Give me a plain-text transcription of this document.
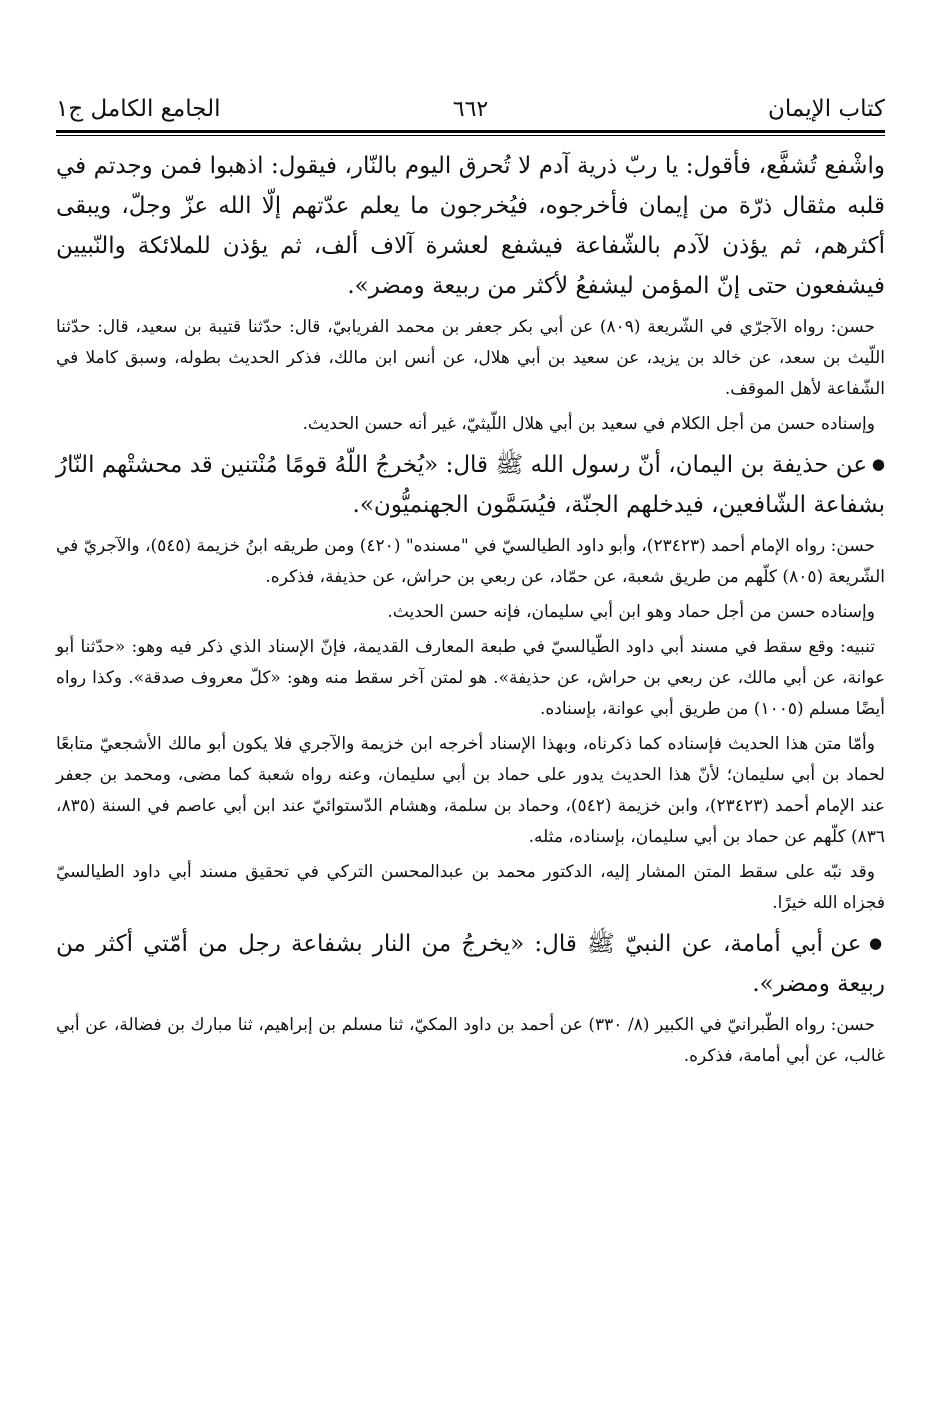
كتاب الإيمان
٦٦٢
الجامع الكامل ج١

واشْفع تُشفَّع، فأقول: يا ربّ ذرية آدم لا تُحرق اليوم بالنّار، فيقول: اذهبوا فمن وجدتم في قلبه مثقال ذرّة من إيمان فأخرجوه، فيُخرجون ما يعلم عدّتهم إلّا الله عزّ وجلّ، ويبقى أكثرهم، ثم يؤذن لآدم بالشّفاعة فيشفع لعشرة آلاف ألف، ثم يؤذن للملائكة والنّبيين فيشفعون حتى إنّ المؤمن ليشفعُ لأكثر من ربيعة ومضر».

حسن: رواه الآجرّي في الشّريعة (٨٠٩) عن أبي بكر جعفر بن محمد الفريابيّ، قال: حدّثنا قتيبة بن سعيد، قال: حدّثنا اللّيث بن سعد، عن خالد بن يزيد، عن سعيد بن أبي هلال، عن أنس ابن مالك، فذكر الحديث بطوله، وسبق كاملا في الشّفاعة لأهل الموقف.

وإسناده حسن من أجل الكلام في سعيد بن أبي هلال اللّيثيّ، غير أنه حسن الحديث.

● عن حذيفة بن اليمان، أنّ رسول الله ﷺ قال: «يُخرجُ اللّهُ قومًا مُنْتنين قد محشتْهم النّارُ بشفاعة الشّافعين، فيدخلهم الجنّة، فيُسَمَّون الجهنميُّون».

حسن: رواه الإمام أحمد (٢٣٤٢٣)، وأبو داود الطيالسيّ في "مسنده" (٤٢٠) ومن طريقه ابنُ خزيمة (٥٤٥)، والآجريّ في الشّريعة (٨٠٥) كلّهم من طريق شعبة، عن حمّاد، عن ربعي بن حراش، عن حذيفة، فذكره.

وإسناده حسن من أجل حماد وهو ابن أبي سليمان، فإنه حسن الحديث.

تنبيه: وقع سقط في مسند أبي داود الطّيالسيّ في طبعة المعارف القديمة، فإنّ الإسناد الذي ذكر فيه وهو: «حدّثنا أبو عوانة، عن أبي مالك، عن ربعي بن حراش، عن حذيفة». هو لمتن آخر سقط منه وهو: «كلّ معروف صدقة». وكذا رواه أيضًا مسلم (١٠٠٥) من طريق أبي عوانة، بإسناده.

وأمّا متن هذا الحديث فإسناده كما ذكرناه، وبهذا الإسناد أخرجه ابن خزيمة والآجري فلا يكون أبو مالك الأشجعيّ متابعًا لحماد بن أبي سليمان؛ لأنّ هذا الحديث يدور على حماد بن أبي سليمان، وعنه رواه شعبة كما مضى، ومحمد بن جعفر عند الإمام أحمد (٢٣٤٢٣)، وابن خزيمة (٥٤٢)، وحماد بن سلمة، وهشام الدّستوائيّ عند ابن أبي عاصم في السنة (٨٣٥، ٨٣٦) كلّهم عن حماد بن أبي سليمان، بإسناده، مثله.

وقد نبّه على سقط المتن المشار إليه، الدكتور محمد بن عبدالمحسن التركي في تحقيق مسند أبي داود الطيالسيّ فجزاه الله خيرًا.

● عن أبي أمامة، عن النبيّ ﷺ قال: «يخرجُ من النار بشفاعة رجل من أمّتي أكثر من ربيعة ومضر».

حسن: رواه الطّبرانيّ في الكبير (٨/ ٣٣٠) عن أحمد بن داود المكيّ، ثنا مسلم بن إبراهيم، ثنا مبارك بن فضالة، عن أبي غالب، عن أبي أمامة، فذكره.
